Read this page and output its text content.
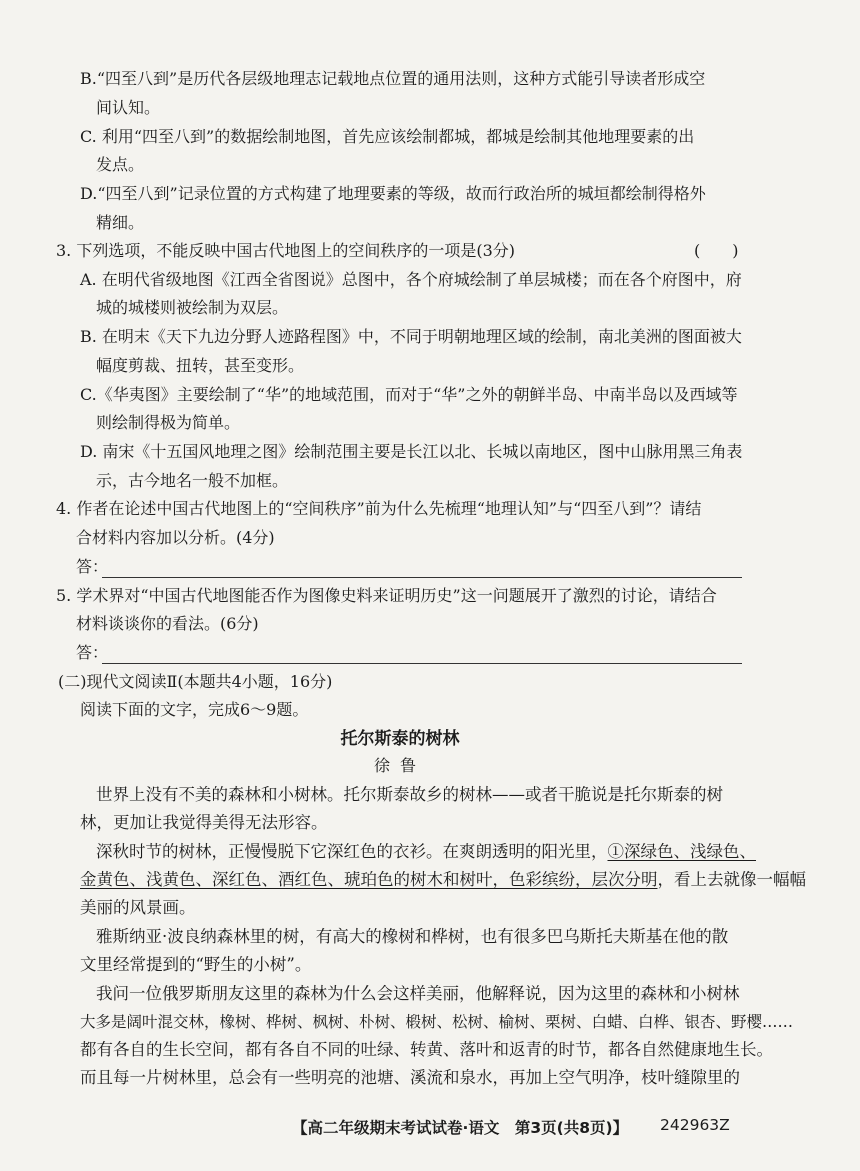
B.“四至八到”是历代各层级地理志记载地点位置的通用法则，这种方式能引导读者形成空
间认知。
C. 利用“四至八到”的数据绘制地图，首先应该绘制都城，都城是绘制其他地理要素的出
发点。
D.“四至八到”记录位置的方式构建了地理要素的等级，故而行政治所的城垣都绘制得格外
精细。
3. 下列选项，不能反映中国古代地图上的空间秩序的一项是(3分)	(　　)
A. 在明代省级地图《江西全省图说》总图中，各个府城绘制了单层城楼；而在各个府图中，府
城的城楼则被绘制为双层。
B. 在明末《天下九边分野人迹路程图》中，不同于明朝地理区域的绘制，南北美洲的图面被大
幅度剪裁、扭转，甚至变形。
C.《华夷图》主要绘制了“华”的地域范围，而对于“华”之外的朝鲜半岛、中南半岛以及西域等
则绘制得极为简单。
D. 南宋《十五国风地理之图》绘制范围主要是长江以北、长城以南地区，图中山脉用黑三角表
示，古今地名一般不加框。
4. 作者在论述中国古代地图上的“空间秩序”前为什么先梳理“地理认知”与“四至八到”？请结
合材料内容加以分析。(4分)
答：
5. 学术界对“中国古代地图能否作为图像史料来证明历史”这一问题展开了激烈的讨论，请结合
材料谈谈你的看法。(6分)
答：
(二)现代文阅读Ⅱ(本题共4小题，16分)
阅读下面的文字，完成6～9题。
托尔斯泰的树林
徐鲁
世界上没有不美的森林和小树林。托尔斯泰故乡的树林——或者干脆说是托尔斯泰的树
林，更加让我觉得美得无法形容。
深秋时节的树林，正慢慢脱下它深红色的衣衫。在爽朗透明的阳光里，①深绿色、浅绿色、
金黄色、浅黄色、深红色、酒红色、琥珀色的树木和树叶，色彩缤纷，层次分明，看上去就像一幅幅
美丽的风景画。
雅斯纳亚·波良纳森林里的树，有高大的橡树和桦树，也有很多巴乌斯托夫斯基在他的散
文里经常提到的“野生的小树”。
我问一位俄罗斯朋友这里的森林为什么会这样美丽，他解释说，因为这里的森林和小树林
大多是阔叶混交林，橡树、桦树、枫树、朴树、椴树、松树、榆树、栗树、白蜡、白桦、银杏、野樱……
都有各自的生长空间，都有各自不同的吐绿、转黄、落叶和返青的时节，都各自然健康地生长。
而且每一片树林里，总会有一些明亮的池塘、溪流和泉水，再加上空气明净，枝叶缝隙里的
【高二年级期末考试试卷·语文　第3页(共8页)】 242963Z
